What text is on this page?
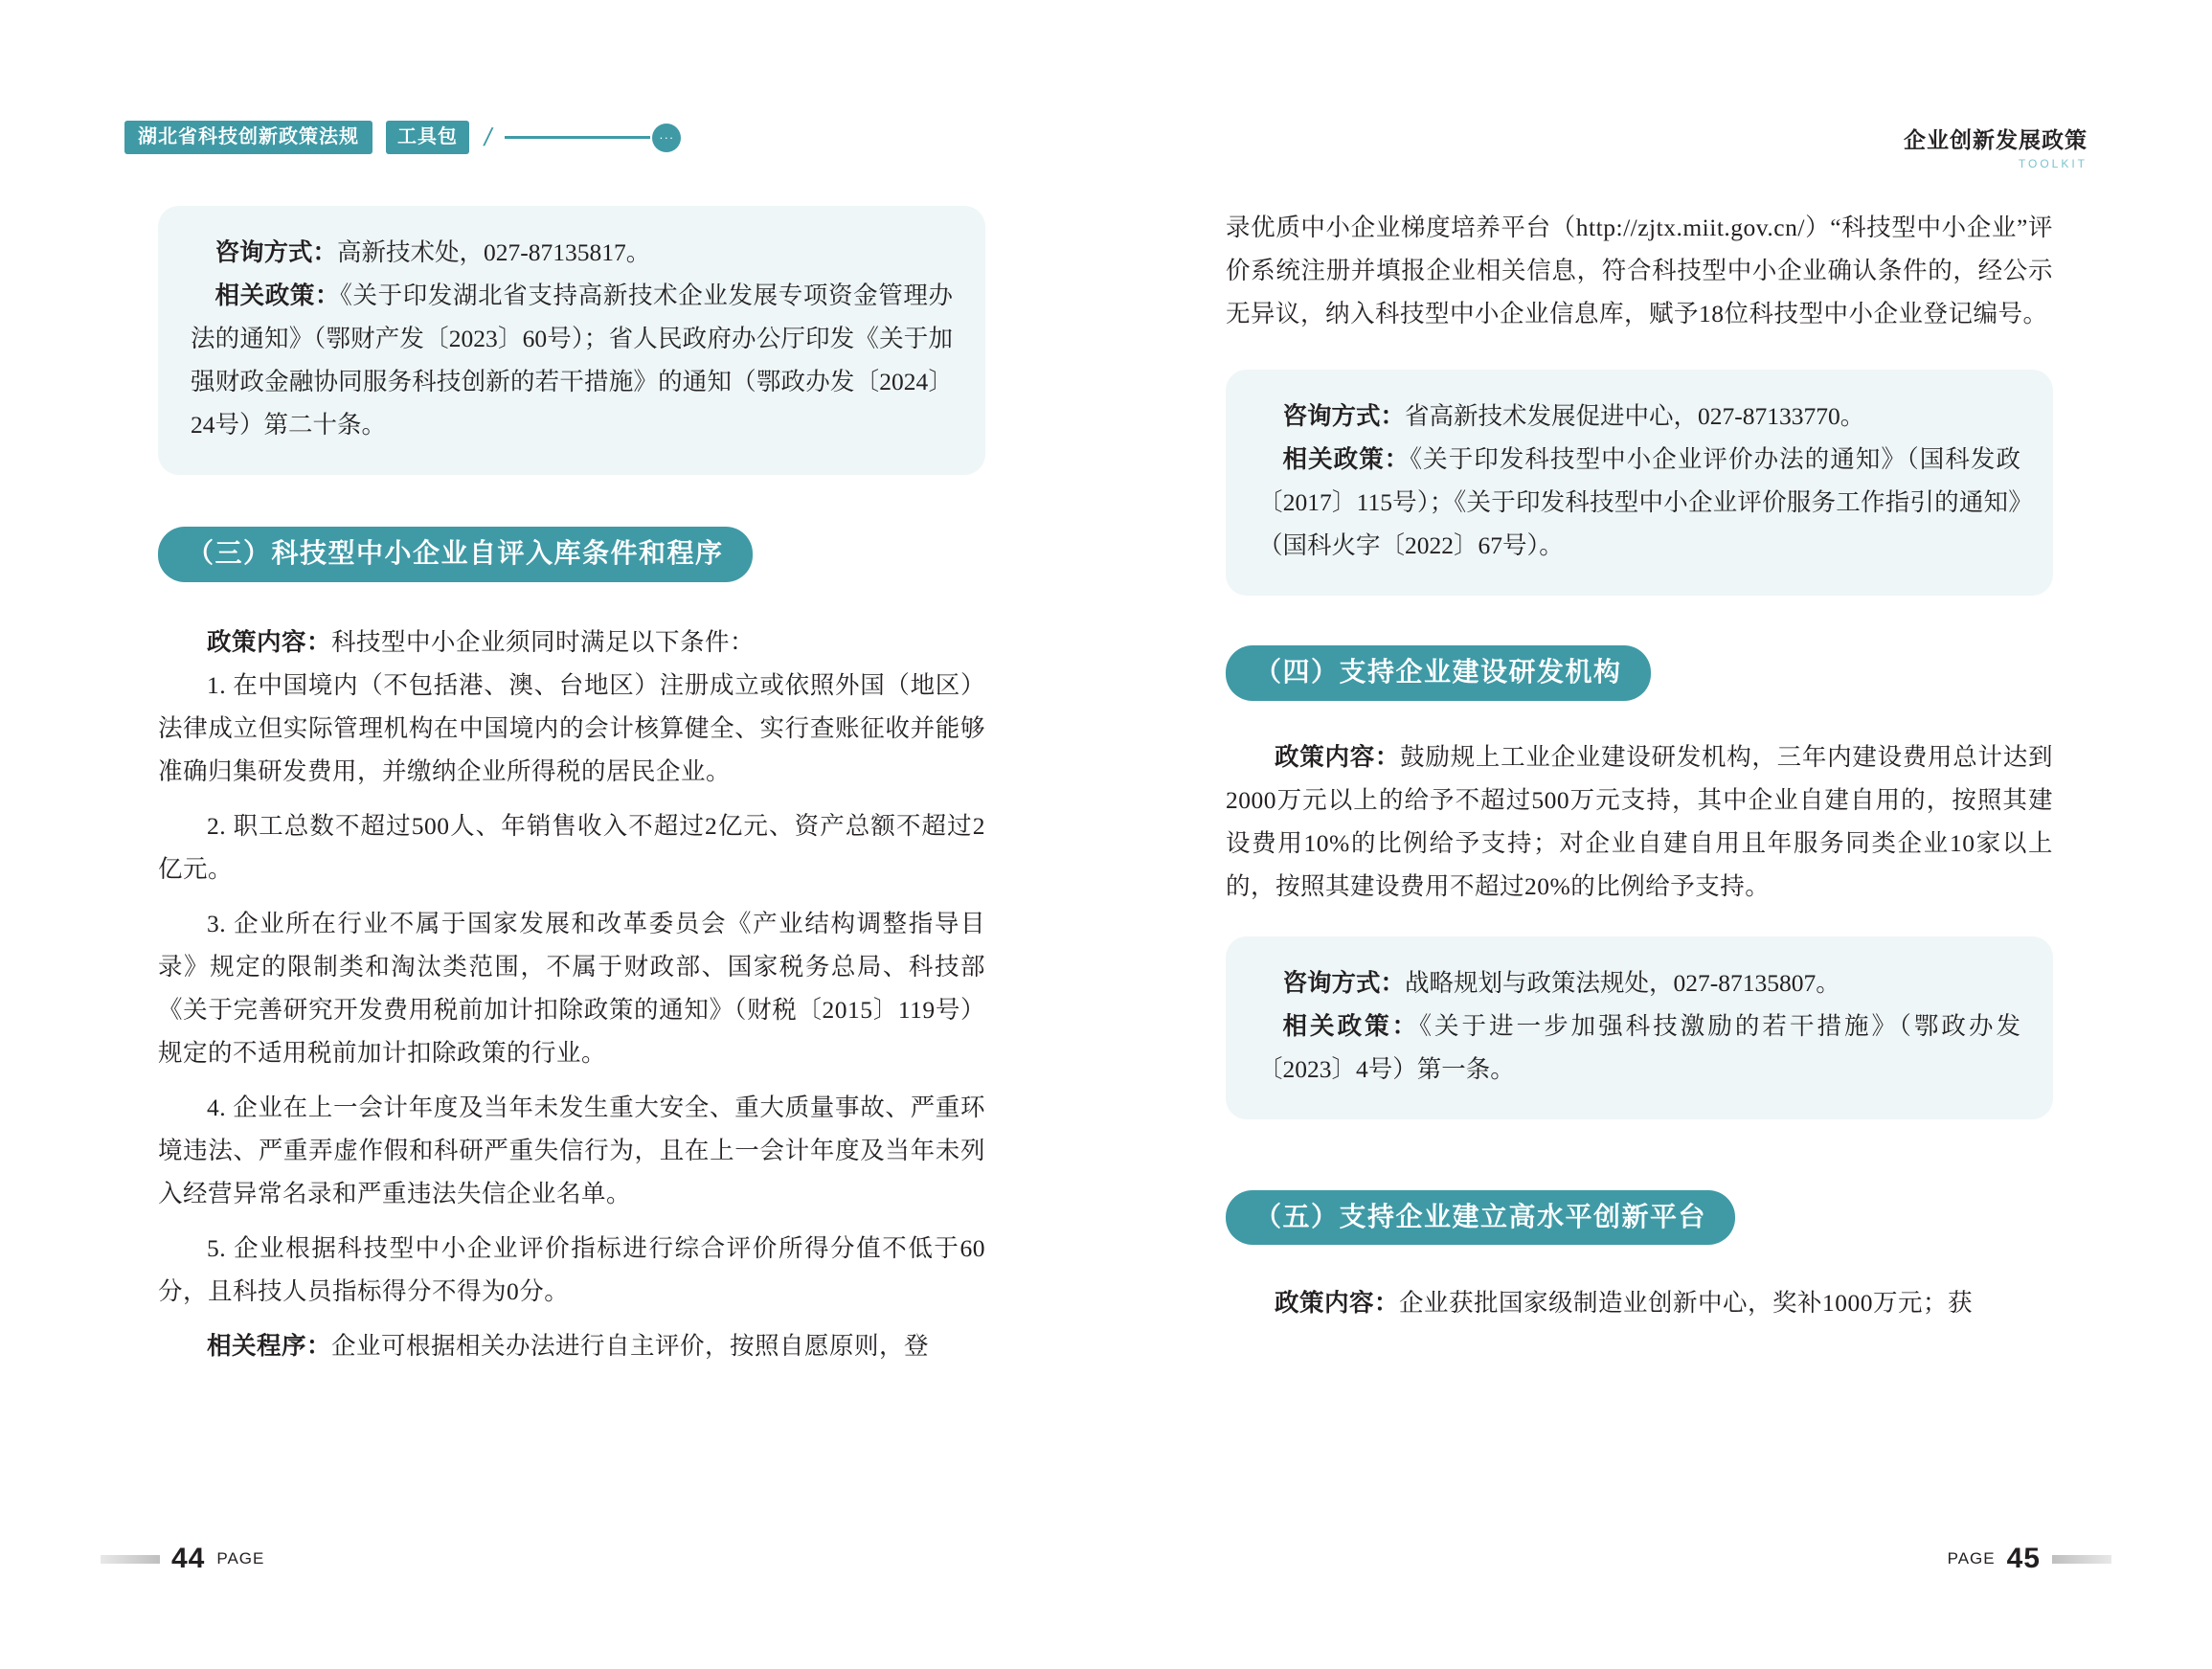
湖北省科技创新政策法规	工具包 /	···	企业创新发展政策
TOOLKIT

咨询方式：高新技术处，027-87135817。

相关政策：《关于印发湖北省支持高新技术企业发展专项资金管理办法的通知》（鄂财产发〔2023〕60号）；省人民政府办公厅印发《关于加强财政金融协同服务科技创新的若干措施》的通知（鄂政办发〔2024〕24号）第二十条。

（三）科技型中小企业自评入库条件和程序

政策内容：科技型中小企业须同时满足以下条件：

1. 在中国境内（不包括港、澳、台地区）注册成立或依照外国（地区）法律成立但实际管理机构在中国境内的会计核算健全、实行查账征收并能够准确归集研发费用，并缴纳企业所得税的居民企业。

2. 职工总数不超过500人、年销售收入不超过2亿元、资产总额不超过2亿元。

3. 企业所在行业不属于国家发展和改革委员会《产业结构调整指导目录》规定的限制类和淘汰类范围，不属于财政部、国家税务总局、科技部《关于完善研究开发费用税前加计扣除政策的通知》（财税〔2015〕119号）规定的不适用税前加计扣除政策的行业。

4. 企业在上一会计年度及当年未发生重大安全、重大质量事故、严重环境违法、严重弄虚作假和科研严重失信行为，且在上一会计年度及当年未列入经营异常名录和严重违法失信企业名单。

5. 企业根据科技型中小企业评价指标进行综合评价所得分值不低于60分，且科技人员指标得分不得为0分。

相关程序：企业可根据相关办法进行自主评价，按照自愿原则，登

录优质中小企业梯度培养平台（http://zjtx.miit.gov.cn/）“科技型中小企业”评价系统注册并填报企业相关信息，符合科技型中小企业确认条件的，经公示无异议，纳入科技型中小企业信息库，赋予18位科技型中小企业登记编号。

咨询方式：省高新技术发展促进中心，027-87133770。

相关政策：《关于印发科技型中小企业评价办法的通知》（国科发政〔2017〕115号）；《关于印发科技型中小企业评价服务工作指引的通知》（国科火字〔2022〕67号）。

（四）支持企业建设研发机构

政策内容：鼓励规上工业企业建设研发机构，三年内建设费用总计达到2000万元以上的给予不超过500万元支持，其中企业自建自用的，按照其建设费用10%的比例给予支持；对企业自建自用且年服务同类企业10家以上的，按照其建设费用不超过20%的比例给予支持。

咨询方式：战略规划与政策法规处，027-87135807。

相关政策：《关于进一步加强科技激励的若干措施》（鄂政办发〔2023〕4号）第一条。

（五）支持企业建立高水平创新平台

政策内容：企业获批国家级制造业创新中心，奖补1000万元；获

44 PAGE	PAGE 45
